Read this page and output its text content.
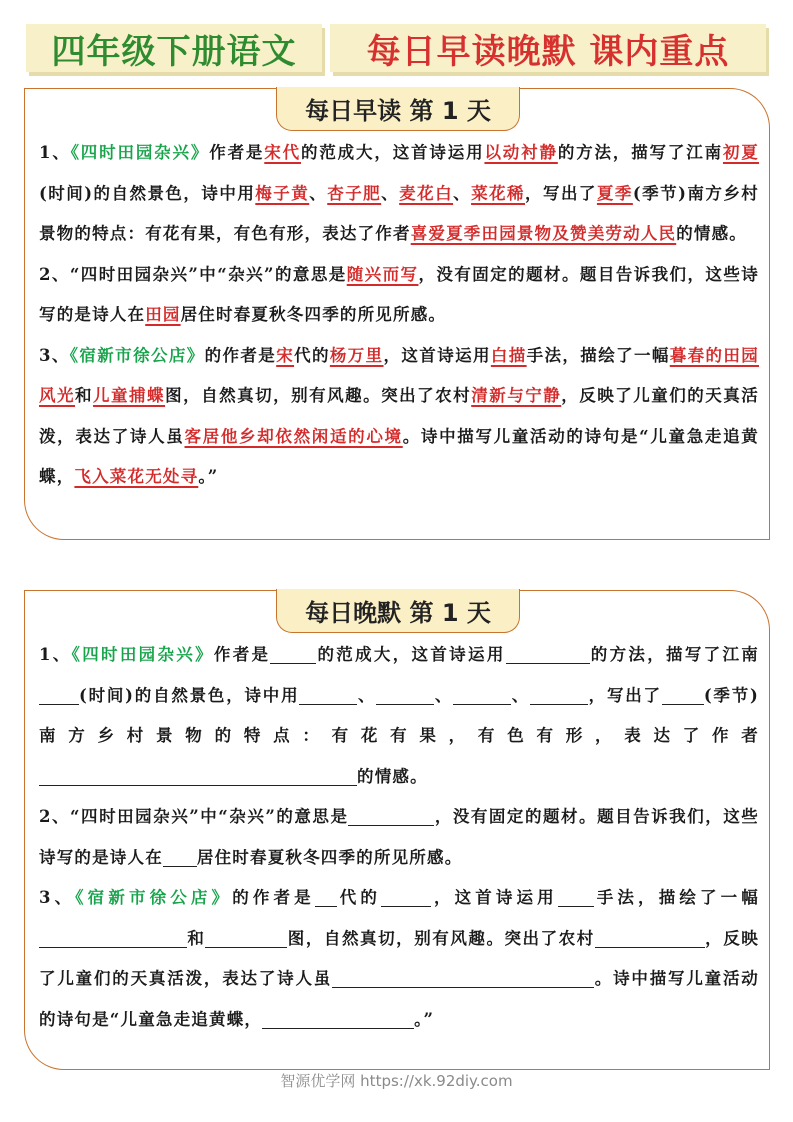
四年级下册语文	每日早读晚默 课内重点
每日早读 第 1 天

1、《四时田园杂兴》作者是宋代的范成大，这首诗运用以动衬静的方法，描写了江南初夏(时间)的自然景色，诗中用梅子黄、杏子肥、麦花白、菜花稀，写出了夏季(季节)南方乡村景物的特点：有花有果，有色有形，表达了作者喜爱夏季田园景物及赞美劳动人民的情感。

2、“四时田园杂兴”中“杂兴”的意思是随兴而写，没有固定的题材。题目告诉我们，这些诗写的是诗人在田园居住时春夏秋冬四季的所见所感。

3、《宿新市徐公店》的作者是宋代的杨万里，这首诗运用白描手法，描绘了一幅暮春的田园风光和儿童捕蝶图，自然真切，别有风趣。突出了农村清新与宁静，反映了儿童们的天真活泼，表达了诗人虽客居他乡却依然闲适的心境。诗中描写儿童活动的诗句是“儿童急走追黄蝶，飞入菜花无处寻。”

每日晚默 第 1 天

1、《四时田园杂兴》作者是	的范成大，这首诗运用	的方法，描写了江南(时间)的自然景色，诗中用	、	、	、	，写出了	(季节)南方乡村景物的特点：有花有果，有色有形，表达了作者的情感。

2、“四时田园杂兴”中“杂兴”的意思是	，没有固定的题材。题目告诉我们，这些诗写的是诗人在 居住时春夏秋冬四季的所见所感。

3、《宿新市徐公店》的作者是 代的	，这首诗运用 手法，描绘了一幅和	图，自然真切，别有风趣。突出了农村	，反映了儿童们的天真活泼，表达了诗人虽	。诗中描写儿童活动的诗句是“儿童急走追黄蝶，	。”

智源优学网 https://xk.92diy.com
